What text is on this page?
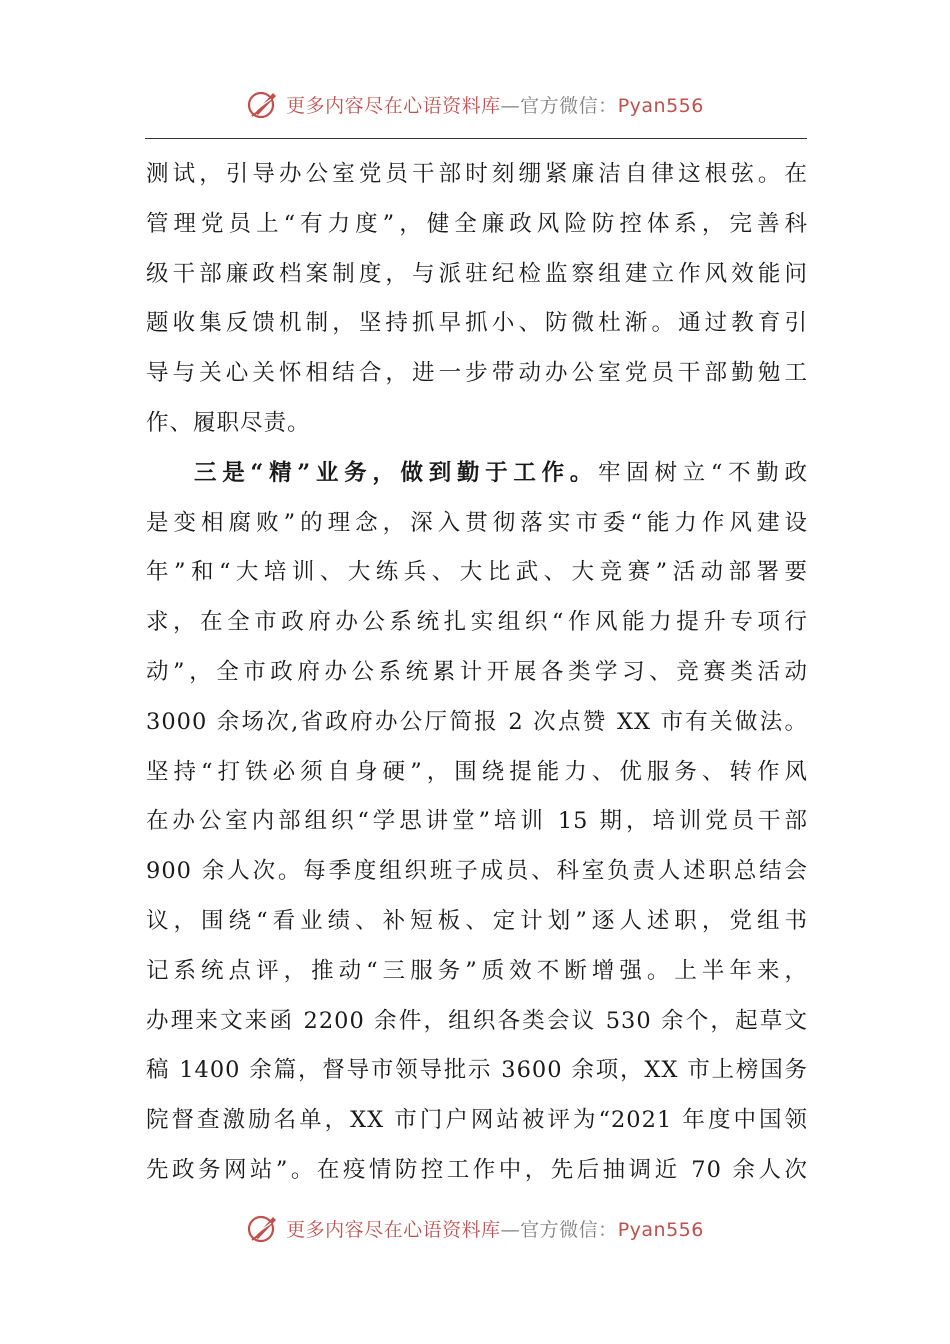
更多内容尽在心语资料库—官方微信：Pyan556
测试，引导办公室党员干部时刻绷紧廉洁自律这根弦。在
管理党员上“有力度”，健全廉政风险防控体系，完善科
级干部廉政档案制度，与派驻纪检监察组建立作风效能问
题收集反馈机制，坚持抓早抓小、防微杜渐。通过教育引
导与关心关怀相结合，进一步带动办公室党员干部勤勉工
作、履职尽责。
三是“精”业务，做到勤于工作。牢固树立“不勤政
是变相腐败”的理念，深入贯彻落实市委“能力作风建设
年”和“大培训、大练兵、大比武、大竞赛”活动部署要
求，在全市政府办公系统扎实组织“作风能力提升专项行
动”，全市政府办公系统累计开展各类学习、竞赛类活动
3000 余场次,省政府办公厅简报 2 次点赞 XX 市有关做法。
坚持“打铁必须自身硬”，围绕提能力、优服务、转作风
在办公室内部组织“学思讲堂”培训 15 期，培训党员干部
900 余人次。每季度组织班子成员、科室负责人述职总结会
议，围绕“看业绩、补短板、定计划”逐人述职，党组书
记系统点评，推动“三服务”质效不断增强。上半年来，
办理来文来函 2200 余件，组织各类会议 530 余个，起草文
稿 1400 余篇，督导市领导批示 3600 余项，XX 市上榜国务
院督查激励名单，XX 市门户网站被评为“2021 年度中国领
先政务网站”。在疫情防控工作中，先后抽调近 70 余人次
更多内容尽在心语资料库—官方微信：Pyan556
